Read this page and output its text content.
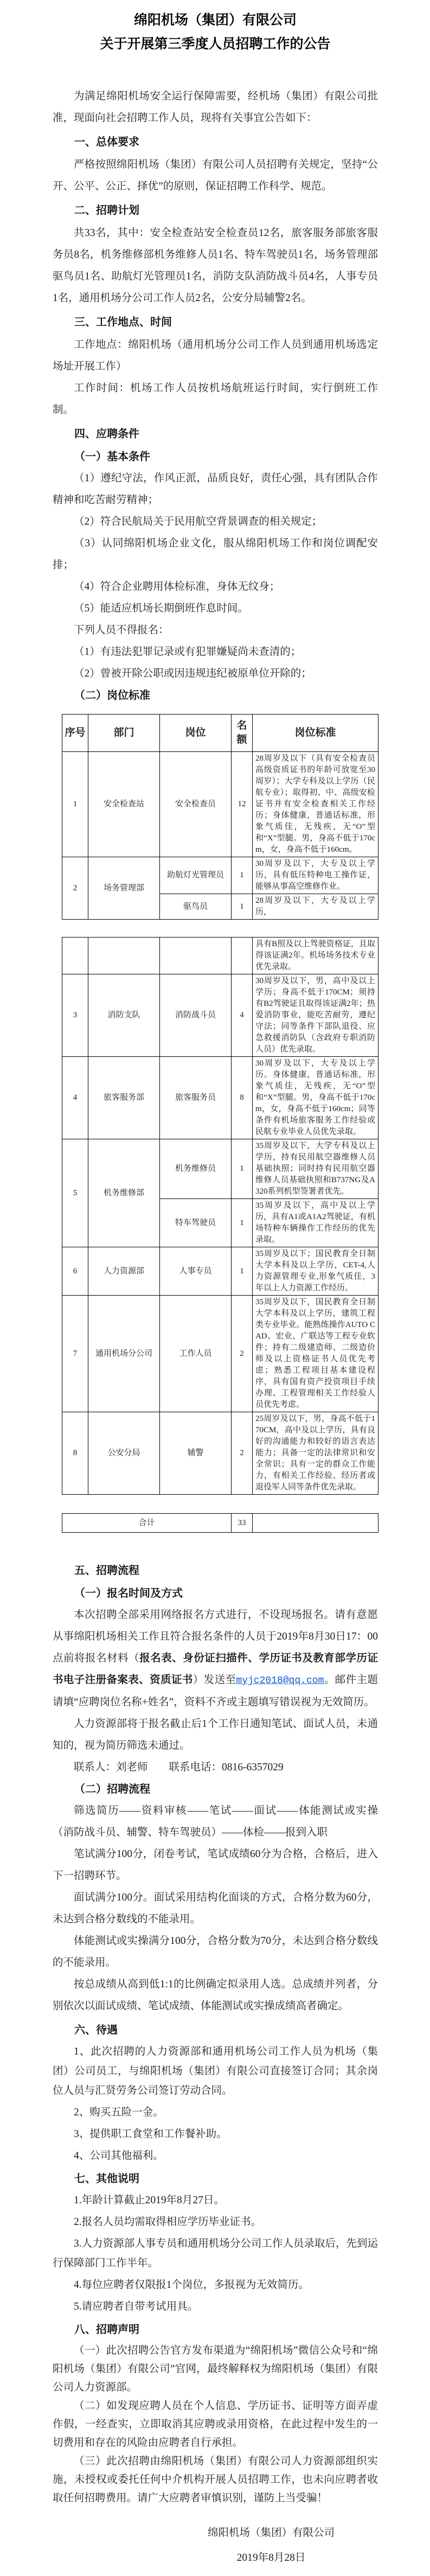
绵阳机场（集团）有限公司
关于开展第三季度人员招聘工作的公告

为满足绵阳机场安全运行保障需要，经机场（集团）有限公司批准，现面向社会招聘工作人员，现将有关事宜公告如下：

一、总体要求

严格按照绵阳机场（集团）有限公司人员招聘有关规定，坚持“公开、公平、公正、择优”的原则，保证招聘工作科学、规范。

二、招聘计划

共33名，其中：安全检查站安全检查员12名，旅客服务部旅客服务员8名，机务维修部机务维修人员1名、特车驾驶员1名，场务管理部驱鸟员1名、助航灯光管理员1名，消防支队消防战斗员4名，人事专员1名，通用机场分公司工作人员2名，公安分局辅警2名。

三、工作地点、时间

工作地点：绵阳机场（通用机场分公司工作人员到通用机场选定场址开展工作）

工作时间：机场工作人员按机场航班运行时间，实行倒班工作制。

四、应聘条件
（一）基本条件

（1）遵纪守法，作风正派，品质良好，责任心强，具有团队合作精神和吃苦耐劳精神；

（2）符合民航局关于民用航空背景调查的相关规定；

（3）认同绵阳机场企业文化，服从绵阳机场工作和岗位调配安排；

（4）符合企业聘用体检标准，身体无纹身；

（5）能适应机场长期倒班作息时间。

下列人员不得报名：

（1）有违法犯罪记录或有犯罪嫌疑尚未查清的；

（2）曾被开除公职或因违规违纪被原单位开除的；

（二）岗位标准
序号	部门	岗位	名额	岗位标准
1	安全检查站	安全检查员	12	28周岁及以下（具有安全检查员高级资质证书的年龄可放宽至30周岁）；大学专科及以上学历（民航专业）；取得初、中、高级安检证书并有安全检查相关工作经历；身体健康，普通话标准，形象气质佳，无残疾，无“O”型和“X”型腿。男，身高不低于170cm，女，身高不低于160cm。
2	场务管理部	助航灯光管理员	1	30周岁及以下，大专及以上学历，具有低压特种电工操作证，能够从事高空维修作业。
		驱鸟员	1	28周岁及以下，大专及以上学历，
				具有B照及以上驾驶资格证，且取得该证满2年。机场场务技术专业优先录取。
3	消防支队	消防战斗员	4	30周岁及以下，男，高中及以上学历；身高不低于170CM；须持有B2驾驶证且取得该证满2年；热爱消防事业，能吃苦耐劳，遵纪守法；同等条件下部队退役、应急救援消防队（含政府专职消防人员）优先录取。
4	旅客服务部	旅客服务员	8	30周岁及以下，大专及以上学历。身体健康，普通话标准，形象气质佳，无残疾，无“O”型和“X”型腿。男，身高不低于170cm，女，身高不低于160cm；同等条件有机场旅客服务工作经验或民航专业毕业人员优先录取。
5	机务维修部	机务维修员	1	35周岁及以下，大学专科及以上学历，持有民用航空器维修人员基础执照；同时持有民用航空器维修人员基础执照和B737NG及A320系列机型签署者优先。
		特车驾驶员	1	35周岁及以下，高中及以上学历，具有A1或A1A2驾驶证，有机场特种车辆操作工作经历的优先录取。
6	人力资源部	人事专员	1	35周岁及以下；国民教育全日制大学本科及以上学历，CET-4,人力资源管理专业,形象气质佳，3年以上人力资源工作经历。
7	通用机场分公司	工作人员	2	35周岁及以下，国民教育全日制大学本科及以上学历，建筑工程类专业毕业。能熟练操作AUTO CAD、宏业、广联达等工程专业软件；持有二级建造师、二级造价师及以上资格证书人员优先考虑；熟悉工程项目基本建设程序，具有国有资产投资项目手续办理、工程管理相关工作经验人员优先考虑。
8	公安分局	辅警	2	25周岁及以下，男，身高不低于170CM，高中及以上学历，具有良好的沟通能力和较好的语言表达能力；具备一定的法律常识和安全常识；具有一定的群众工作能力，有相关工作经验、经历者或退役军人同等条件优先录取。
合计	33	
五、招聘流程
（一）报名时间及方式

本次招聘全部采用网络报名方式进行，不设现场报名。请有意愿从事绵阳机场相关工作且符合报名条件的人员于2019年8月30日17：00点前将报名材料（报名表、身份证扫描件、学历证书及教育部学历证书电子注册备案表、资质证书）发送至myjc2018@qq.com。邮件主题请填“应聘岗位名称+姓名”，资料不齐或主题填写错误视为无效简历。

人力资源部将于报名截止后1个工作日通知笔试、面试人员，未通知的，视为简历筛选未通过。

联系人：刘老师　　联系电话：0816-6357029

（二）招聘流程

筛选简历——资料审核——笔试——面试——体能测试或实操（消防战斗员、辅警、特车驾驶员）——体检——报到入职

笔试满分100分，闭卷考试，笔试成绩60分为合格，合格后，进入下一招聘环节。

面试满分100分。面试采用结构化面谈的方式，合格分数为60分，未达到合格分数线的不能录用。

体能测试或实操满分100分，合格分数为70分，未达到合格分数线的不能录用。

按总成绩从高到低1:1的比例确定拟录用人选。总成绩并列者，分别依次以面试成绩、笔试成绩、体能测试或实操成绩高者确定。

六、待遇

1、此次招聘的人力资源部和通用机场公司工作人员为机场（集团）公司员工，与绵阳机场（集团）有限公司直接签订合同；其余岗位人员与汇贤劳务公司签订劳动合同。

2、购买五险一金。

3、提供职工食堂和工作餐补助。

4、公司其他福利。

七、其他说明

1.年龄计算截止2019年8月27日。

2.报名人员均需取得相应学历毕业证书。

3.人力资源部人事专员和通用机场分公司工作人员录取后，先到运行保障部门工作半年。

4.每位应聘者仅限报1个岗位，多报视为无效简历。

5.请应聘者自带考试用具。

八、招聘声明

（一）此次招聘公告官方发布渠道为“绵阳机场”微信公众号和“绵阳机场（集团）有限公司”官网，最终解释权为绵阳机场（集团）有限公司人力资源部。

（二）如发现应聘人员在个人信息、学历证书、证明等方面弄虚作假，一经查实，立即取消其应聘或录用资格，在此过程中发生的一切费用和存在的风险由应聘者自行承担。

（三）此次招聘由绵阳机场（集团）有限公司人力资源部组织实施，未授权或委托任何中介机构开展人员招聘工作，也未向应聘者收取任何招聘费用。请广大应聘者审慎识别，谨防上当受骗！

绵阳机场（集团）有限公司
2019年8月28日
